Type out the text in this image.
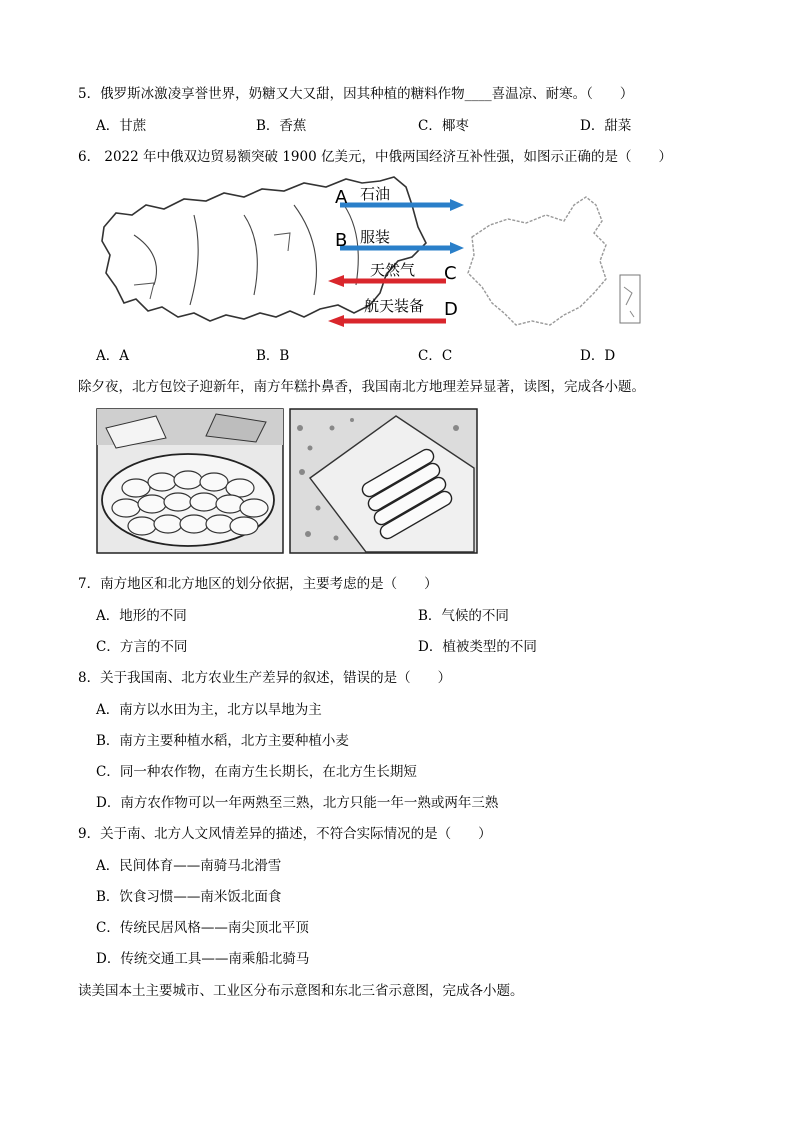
5．俄罗斯冰激凌享誉世界，奶糖又大又甜，因其种植的糖料作物____喜温凉、耐寒。（　　）
A．甘蔗	B．香蕉	C．椰枣	D．甜菜
6． 2022 年中俄双边贸易额突破 1900 亿美元，中俄两国经济互补性强，如图示正确的是（　　）
A 石油
B 服装
C
天然气
D
航天装备
A．A	B．B	C．C	D．D
除夕夜，北方包饺子迎新年，南方年糕扑鼻香，我国南北方地理差异显著，读图，完成各小题。
7．南方地区和北方地区的划分依据，主要考虑的是（　　）
A．地形的不同	B．气候的不同
C．方言的不同	D．植被类型的不同
8．关于我国南、北方农业生产差异的叙述，错误的是（　　）
A．南方以水田为主，北方以旱地为主
B．南方主要种植水稻，北方主要种植小麦
C．同一种农作物，在南方生长期长，在北方生长期短
D．南方农作物可以一年两熟至三熟，北方只能一年一熟或两年三熟
9．关于南、北方人文风情差异的描述，不符合实际情况的是（　　）
A．民间体育——南骑马北滑雪
B．饮食习惯——南米饭北面食
C．传统民居风格——南尖顶北平顶
D．传统交通工具——南乘船北骑马
读美国本土主要城市、工业区分布示意图和东北三省示意图，完成各小题。
